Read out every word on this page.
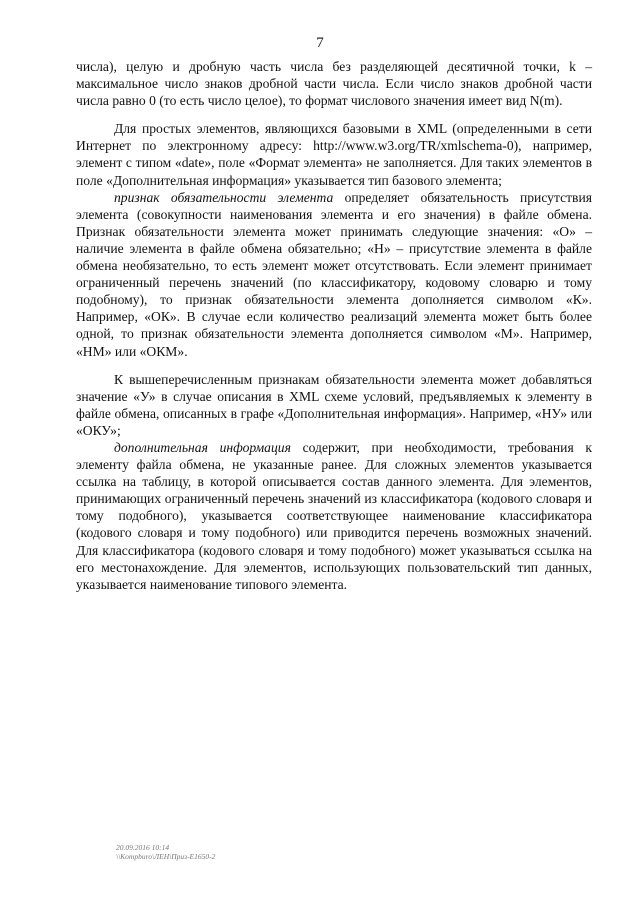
7

числа), целую и дробную часть числа без разделяющей десятичной точки, k – максимальное число знаков дробной части числа. Если число знаков дробной части числа равно 0 (то есть число целое), то формат числового значения имеет вид N(m).

Для простых элементов, являющихся базовыми в XML (определенными в сети Интернет по электронному адресу: http://www.w3.org/TR/xmlschema-0), например, элемент с типом «date», поле «Формат элемента» не заполняется. Для таких элементов в поле «Дополнительная информация» указывается тип базового элемента;

признак обязательности элемента определяет обязательность присутствия элемента (совокупности наименования элемента и его значения) в файле обмена. Признак обязательности элемента может принимать следующие значения: «О» – наличие элемента в файле обмена обязательно; «Н» – присутствие элемента в файле обмена необязательно, то есть элемент может отсутствовать. Если элемент принимает ограниченный перечень значений (по классификатору, кодовому словарю и тому подобному), то признак обязательности элемента дополняется символом «К». Например, «ОК». В случае если количество реализаций элемента может быть более одной, то признак обязательности элемента дополняется символом «М». Например, «НМ» или «ОКМ».

К вышеперечисленным признакам обязательности элемента может добавляться значение «У» в случае описания в XML схеме условий, предъявляемых к элементу в файле обмена, описанных в графе «Дополнительная информация». Например, «НУ» или «ОКУ»;

дополнительная информация содержит, при необходимости, требования к элементу файла обмена, не указанные ранее. Для сложных элементов указывается ссылка на таблицу, в которой описывается состав данного элемента. Для элементов, принимающих ограниченный перечень значений из классификатора (кодового словаря и тому подобного), указывается соответствующее наименование классификатора (кодового словаря и тому подобного) или приводится перечень возможных значений. Для классификатора (кодового словаря и тому подобного) может указываться ссылка на его местонахождение. Для элементов, использующих пользовательский тип данных, указывается наименование типового элемента.

20.09.2016 10:14
\\Kompburo\ЛЕН\Приз-Е1650-2
